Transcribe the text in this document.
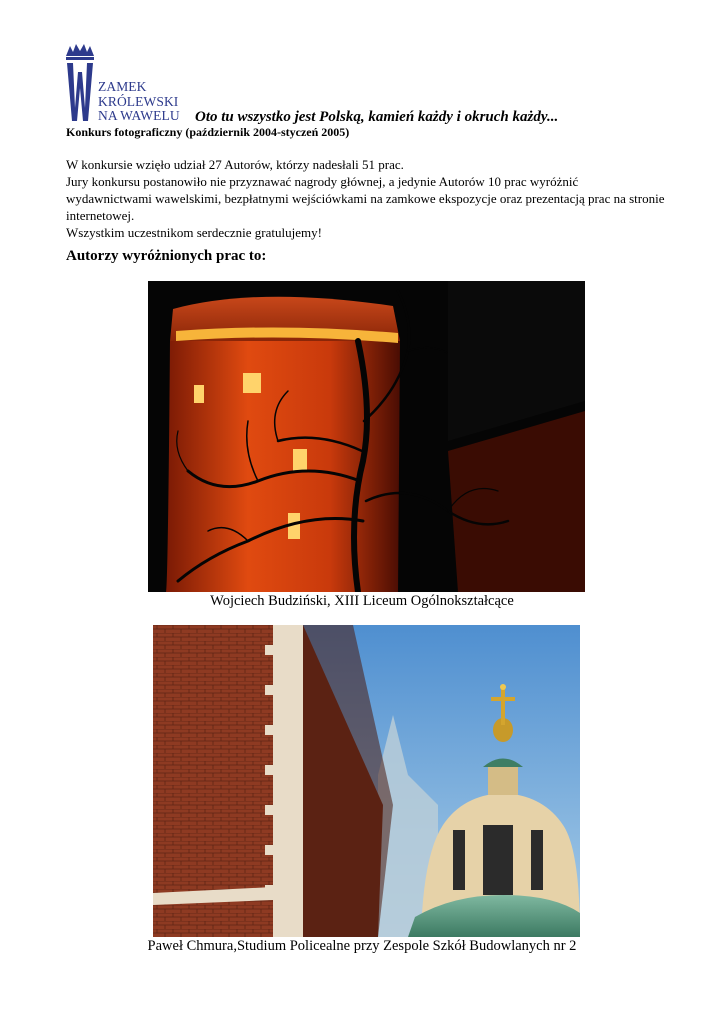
ZAMEK
KRÓLEWSKI
NA WAWELU Oto tu wszystko jest Polską, kamień każdy i okruch każdy...
Konkurs fotograficzny (październik 2004-styczeń 2005)

W konkursie wzięło udział 27 Autorów, którzy nadesłali 51 prac.

Jury konkursu postanowiło nie przyznawać nagrody głównej, a jedynie Autorów 10 prac wyróżnić wydawnictwami wawelskimi, bezpłatnymi wejściówkami na zamkowe ekspozycje oraz prezentacją prac na stronie internetowej.

Wszystkim uczestnikom serdecznie gratulujemy!

Autorzy wyróżnionych prac to:
Wojciech Budziński, XIII Liceum Ogólnokształcące
Paweł Chmura,Studium Policealne przy Zespole Szkół Budowlanych nr 2
